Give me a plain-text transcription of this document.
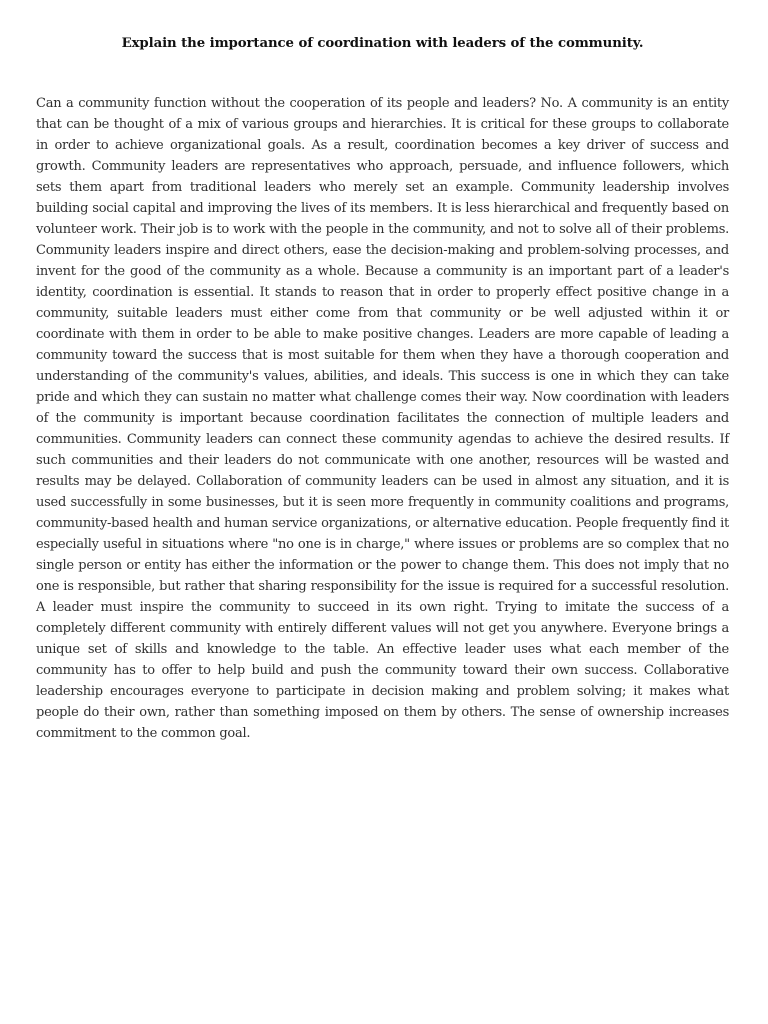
Explain the importance of coordination with leaders of the community.

Can a community function without the cooperation of its people and leaders? No. A community is an entity that can be thought of a mix of various groups and hierarchies. It is critical for these groups to collaborate in order to achieve organizational goals. As a result, coordination becomes a key driver of success and growth. Community leaders are representatives who approach, persuade, and influence followers, which sets them apart from traditional leaders who merely set an example. Community leadership involves building social capital and improving the lives of its members. It is less hierarchical and frequently based on volunteer work. Their job is to work with the people in the community, and not to solve all of their problems. Community leaders inspire and direct others, ease the decision-making and problem-solving processes, and invent for the good of the community as a whole. Because a community is an important part of a leader's identity, coordination is essential. It stands to reason that in order to properly effect positive change in a community, suitable leaders must either come from that community or be well adjusted within it or coordinate with them in order to be able to make positive changes. Leaders are more capable of leading a community toward the success that is most suitable for them when they have a thorough cooperation and understanding of the community's values, abilities, and ideals. This success is one in which they can take pride and which they can sustain no matter what challenge comes their way. Now coordination with leaders of the community is important because coordination facilitates the connection of multiple leaders and communities. Community leaders can connect these community agendas to achieve the desired results. If such communities and their leaders do not communicate with one another, resources will be wasted and results may be delayed. Collaboration of community leaders can be used in almost any situation, and it is used successfully in some businesses, but it is seen more frequently in community coalitions and programs, community-based health and human service organizations, or alternative education. People frequently find it especially useful in situations where "no one is in charge," where issues or problems are so complex that no single person or entity has either the information or the power to change them. This does not imply that no one is responsible, but rather that sharing responsibility for the issue is required for a successful resolution. A leader must inspire the community to succeed in its own right. Trying to imitate the success of a completely different community with entirely different values will not get you anywhere. Everyone brings a unique set of skills and knowledge to the table. An effective leader uses what each member of the community has to offer to help build and push the community toward their own success. Collaborative leadership encourages everyone to participate in decision making and problem solving; it makes what people do their own, rather than something imposed on them by others. The sense of ownership increases commitment to the common goal.
